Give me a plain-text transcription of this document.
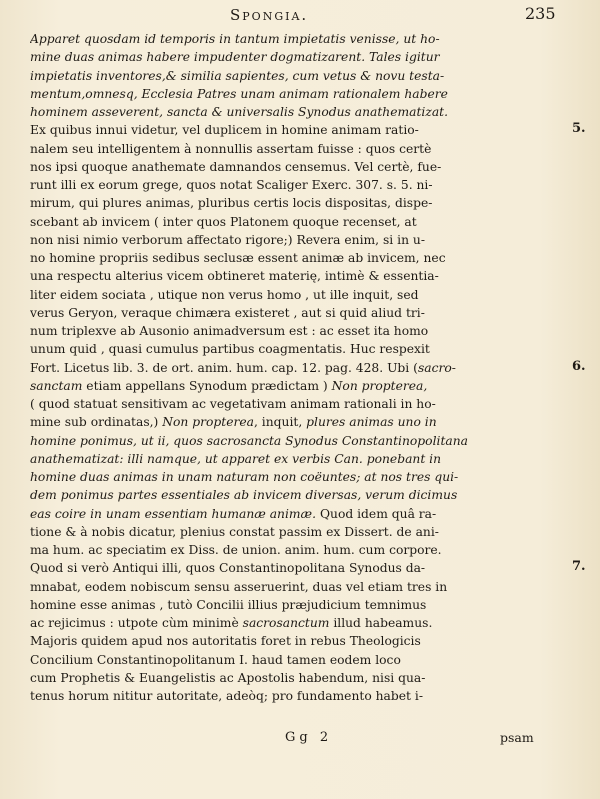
Spongia.	235
Apparet quosdam id temporis in tantum impietatis venisse, ut ho-
mine duas animas habere impudenter dogmatizarent. Tales igitur
impietatis inventores,& similia sapientes, cum vetus & novu testa-
mentum,omnesq, Ecclesia Patres unam animam rationalem habere
hominem asseverent, sancta & universalis Synodus anathematizat.
Ex quibus innui videtur, vel duplicem in homine animam ratio-
nalem seu intelligentem à nonnullis assertam fuisse : quos certè
nos ipsi quoque anathemate damnandos censemus. Vel certè, fue-
runt illi ex eorum grege, quos notat Scaliger Exerc. 307. s. 5. ni-
mirum, qui plures animas, pluribus certis locis dispositas, dispe-
scebant ab invicem ( inter quos Platonem quoque recenset, at
non nisi nimio verborum affectato rigore;) Revera enim, si in u-
no homine propriis sedibus seclusæ essent animæ ab invicem, nec
una respectu alterius vicem obtineret materię, intimè & essentia-
liter eidem sociata , utique non verus homo , ut ille inquit, sed
verus Geryon, veraque chimæra existeret , aut si quid aliud tri-
num triplexve ab Ausonio animadversum est : ac esset ita homo
unum quid , quasi cumulus partibus coagmentatis. Huc respexit
Fort. Licetus lib. 3. de ort. anim. hum. cap. 12. pag. 428. Ubi (sacro-
sanctam etiam appellans Synodum prædictam ) Non propterea,
( quod statuat sensitivam ac vegetativam animam rationali in ho-
mine sub ordinatas,) Non propterea, inquit, plures animas uno in
homine ponimus, ut ii, quos sacrosancta Synodus Constantinopolitana
anathematizat: illi namque, ut apparet ex verbis Can. ponebant in
homine duas animas in unam naturam non coëuntes; at nos tres qui-
dem ponimus partes essentiales ab invicem diversas, verum dicimus
eas coire in unam essentiam humanæ animæ. Quod idem quâ ra-
tione & à nobis dicatur, plenius constat passim ex Dissert. de ani-
ma hum. ac speciatim ex Diss. de union. anim. hum. cum corpore.
Quod si verò Antiqui illi, quos Constantinopolitana Synodus da-
mnabat, eodem nobiscum sensu asseruerint, duas vel etiam tres in
homine esse animas , tutò Concilii illius præjudicium temnimus
ac rejicimus : utpote cùm minimè sacrosanctum illud habeamus.
Majoris quidem apud nos autoritatis foret in rebus Theologicis
Concilium Constantinopolitanum I. haud tamen eodem loco
cum Prophetis & Euangelistis ac Apostolis habendum, nisi qua-
tenus horum nititur autoritate, adeòq; pro fundamento habet i-
5.
6.
7.
Gg 2	psam
